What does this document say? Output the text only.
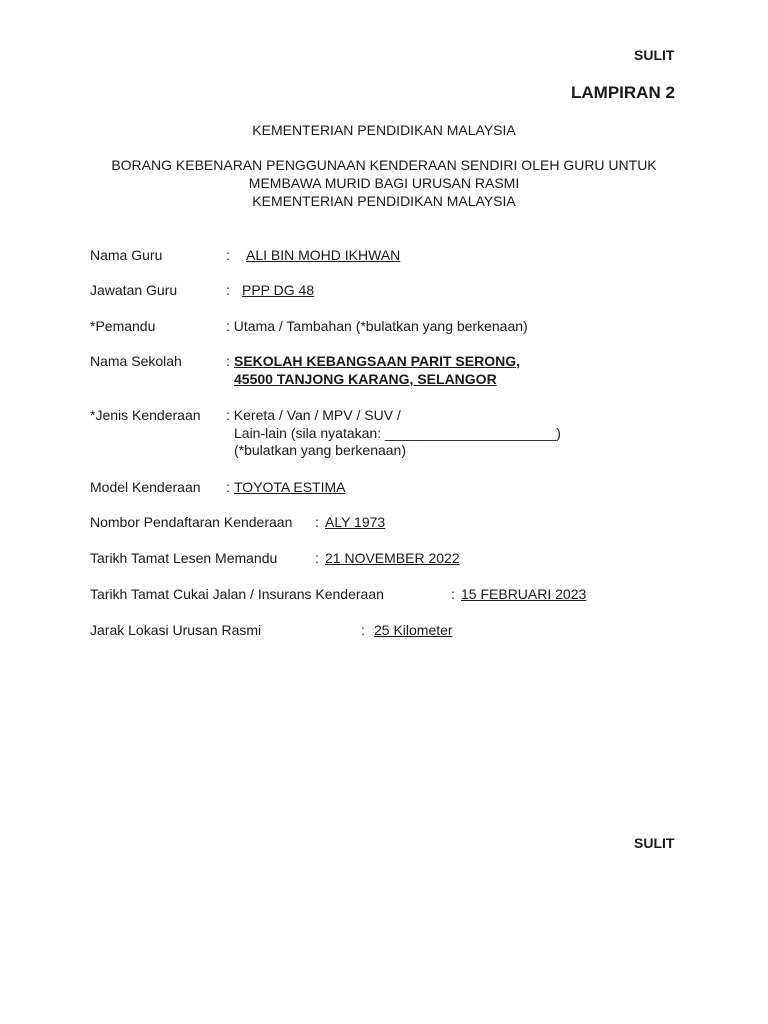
SULIT
LAMPIRAN 2
KEMENTERIAN PENDIDIKAN MALAYSIA
BORANG KEBENARAN PENGGUNAAN KENDERAAN SENDIRI OLEH GURU UNTUK
MEMBAWA MURID BAGI URUSAN RASMI
KEMENTERIAN PENDIDIKAN MALAYSIA
Nama Guru	: ALI BIN MOHD IKHWAN
Jawatan Guru	: PPP DG 48
*Pemandu	: Utama / Tambahan (*bulatkan yang berkenaan)
Nama Sekolah	: SEKOLAH KEBANGSAAN PARIT SERONG,
45500 TANJONG KARANG, SELANGOR
*Jenis Kenderaan : Kereta / Van / MPV / SUV /
Lain-lain (sila nyatakan: ______________________)
(*bulatkan yang berkenaan)
Model Kenderaan : TOYOTA ESTIMA
Nombor Pendaftaran Kenderaan : ALY 1973
Tarikh Tamat Lesen Memandu	: 21 NOVEMBER 2022
Tarikh Tamat Cukai Jalan / Insurans Kenderaan	: 15 FEBRUARI 2023
Jarak Lokasi Urusan Rasmi	: 25 Kilometer
SULIT
